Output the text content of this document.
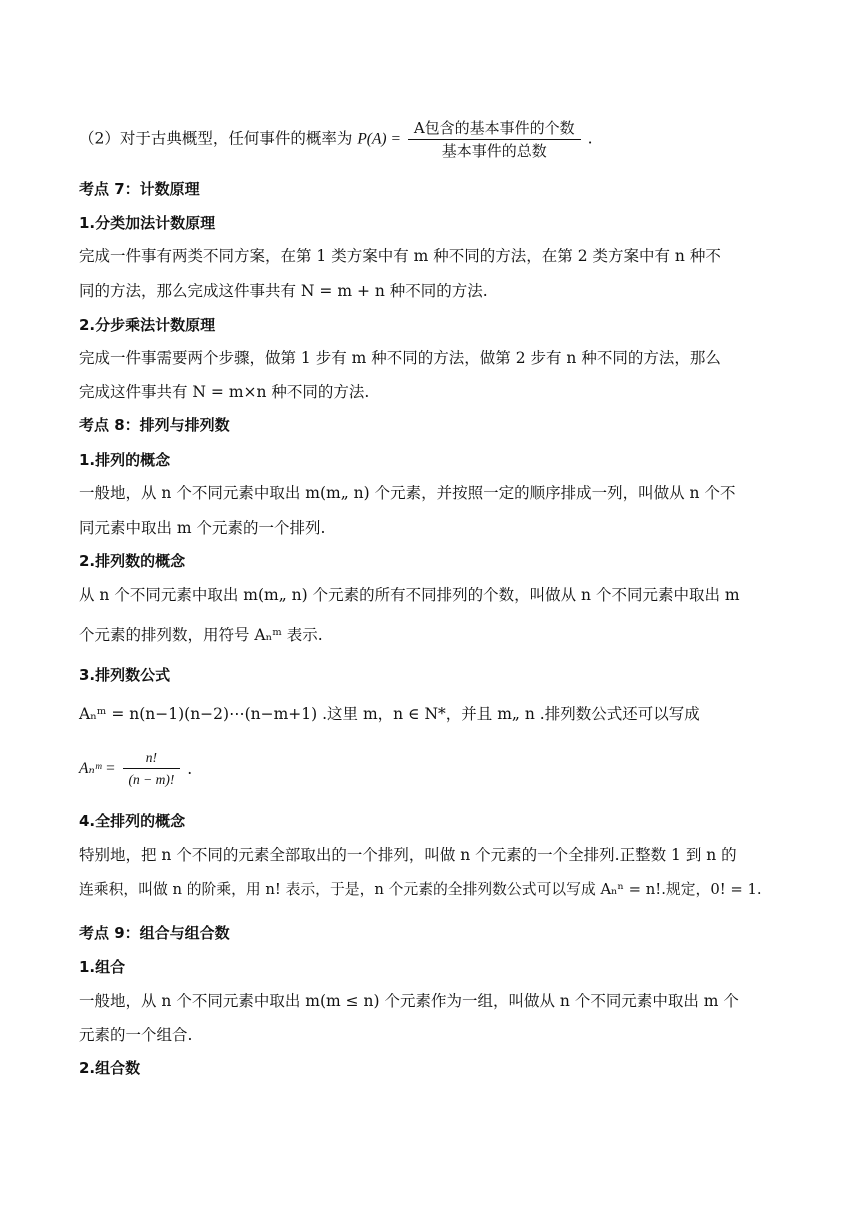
（2）对于古典概型，任何事件的概率为 $P(A) = \frac{\text{A包含的基本事件的个数}}{\text{基本事件的总数}}$ .
考点 7：计数原理
1.分类加法计数原理
完成一件事有两类不同方案，在第 1 类方案中有 m 种不同的方法，在第 2 类方案中有 n 种不
同的方法，那么完成这件事共有 N = m + n 种不同的方法.
2.分步乘法计数原理
完成一件事需要两个步骤，做第 1 步有 m 种不同的方法，做第 2 步有 n 种不同的方法，那么
完成这件事共有 N = m×n 种不同的方法.
考点 8：排列与排列数
1.排列的概念
一般地，从 n 个不同元素中取出 m(m„ n) 个元素，并按照一定的顺序排成一列，叫做从 n 个不
同元素中取出 m 个元素的一个排列.
2.排列数的概念
从 n 个不同元素中取出 m(m„ n) 个元素的所有不同排列的个数，叫做从 n 个不同元素中取出 m
个元素的排列数，用符号 Aₙᵐ 表示.
3.排列数公式
Aₙᵐ = n(n−1)(n−2)⋯(n−m+1) .这里 m，n ∈ N*，并且 m„ n .排列数公式还可以写成
Aₙᵐ = $\frac{n!}{(n - m)!}$ .
4.全排列的概念
特别地，把 n 个不同的元素全部取出的一个排列，叫做 n 个元素的一个全排列.正整数 1 到 n 的
连乘积，叫做 n 的阶乘，用 n! 表示，于是，n 个元素的全排列数公式可以写成 Aₙⁿ = n!.规定，0! = 1.
考点 9：组合与组合数
1.组合
一般地，从 n 个不同元素中取出 m(m ≤ n) 个元素作为一组，叫做从 n 个不同元素中取出 m 个
元素的一个组合.
2.组合数
